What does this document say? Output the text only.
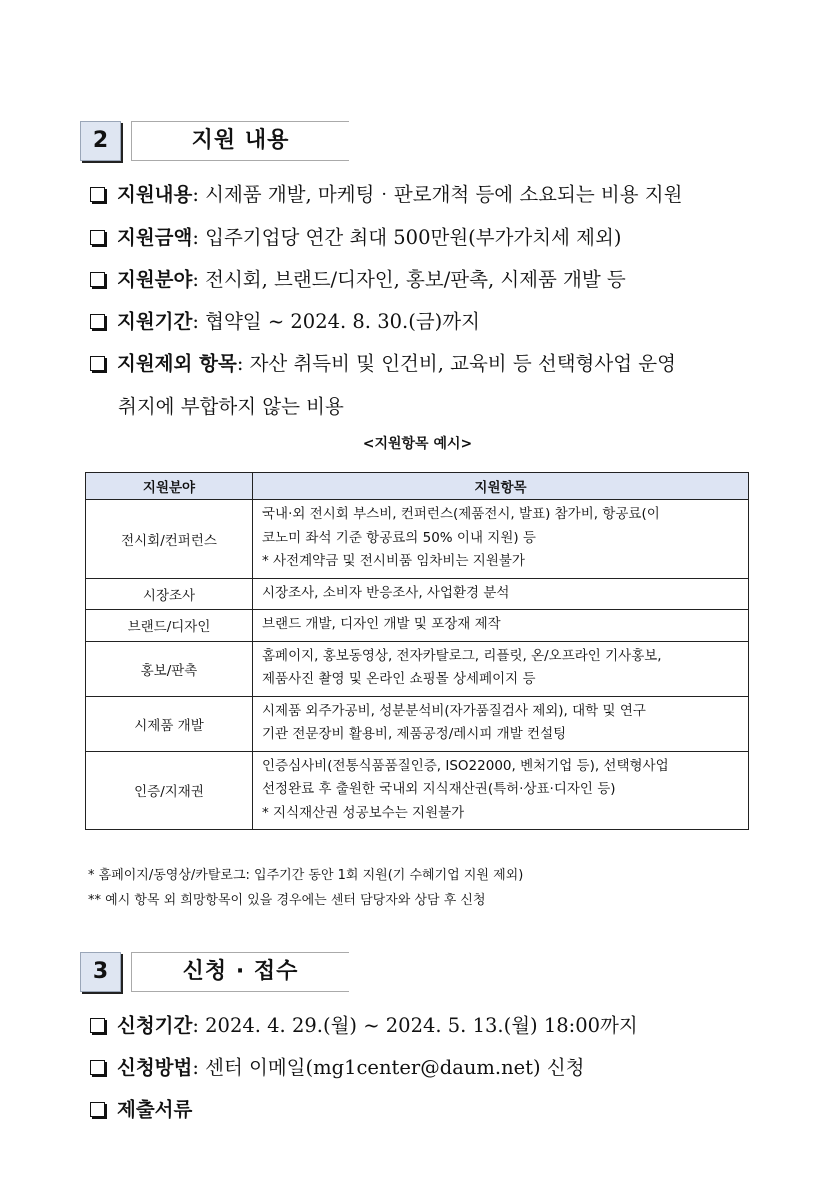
2	지원 내용
지원내용: 시제품 개발, 마케팅‧판로개척 등에 소요되는 비용 지원
지원금액: 입주기업당 연간 최대 500만원(부가가치세 제외)
지원분야: 전시회, 브랜드/디자인, 홍보/판촉, 시제품 개발 등
지원기간: 협약일 ~ 2024. 8. 30.(금)까지
지원제외 항목: 자산 취득비 및 인건비, 교육비 등 선택형사업 운영
취지에 부합하지 않는 비용
<지원항목 예시>
지원분야	지원항목
전시회/컨퍼런스	국내·외 전시회 부스비, 컨퍼런스(제품전시, 발표) 참가비, 항공료(이
코노미 좌석 기준 항공료의 50% 이내 지원) 등
* 사전계약금 및 전시비품 임차비는 지원불가

시장조사	시장조사, 소비자 반응조사, 사업환경 분석

브랜드/디자인	브랜드 개발, 디자인 개발 및 포장재 제작

홍보/판촉	홈페이지, 홍보동영상, 전자카탈로그, 리플릿, 온/오프라인 기사홍보,
제품사진 촬영 및 온라인 쇼핑몰 상세페이지 등

시제품 개발	시제품 외주가공비, 성분분석비(자가품질검사 제외), 대학 및 연구
기관 전문장비 활용비, 제품공정/레시피 개발 컨설팅

인증/지재권	인증심사비(전통식품품질인증, ISO22000, 벤처기업 등), 선택형사업
선정완료 후 출원한 국내외 지식재산권(특허·상표·디자인 등)
* 지식재산권 성공보수는 지원불가
* 홈페이지/동영상/카탈로그: 입주기간 동안 1회 지원(기 수혜기업 지원 제외)
** 예시 항목 외 희망항목이 있을 경우에는 센터 담당자와 상담 후 신청
3	신청 · 접수
신청기간: 2024. 4. 29.(월) ~ 2024. 5. 13.(월) 18:00까지
신청방법: 센터 이메일(mg1center@daum.net) 신청
제출서류
